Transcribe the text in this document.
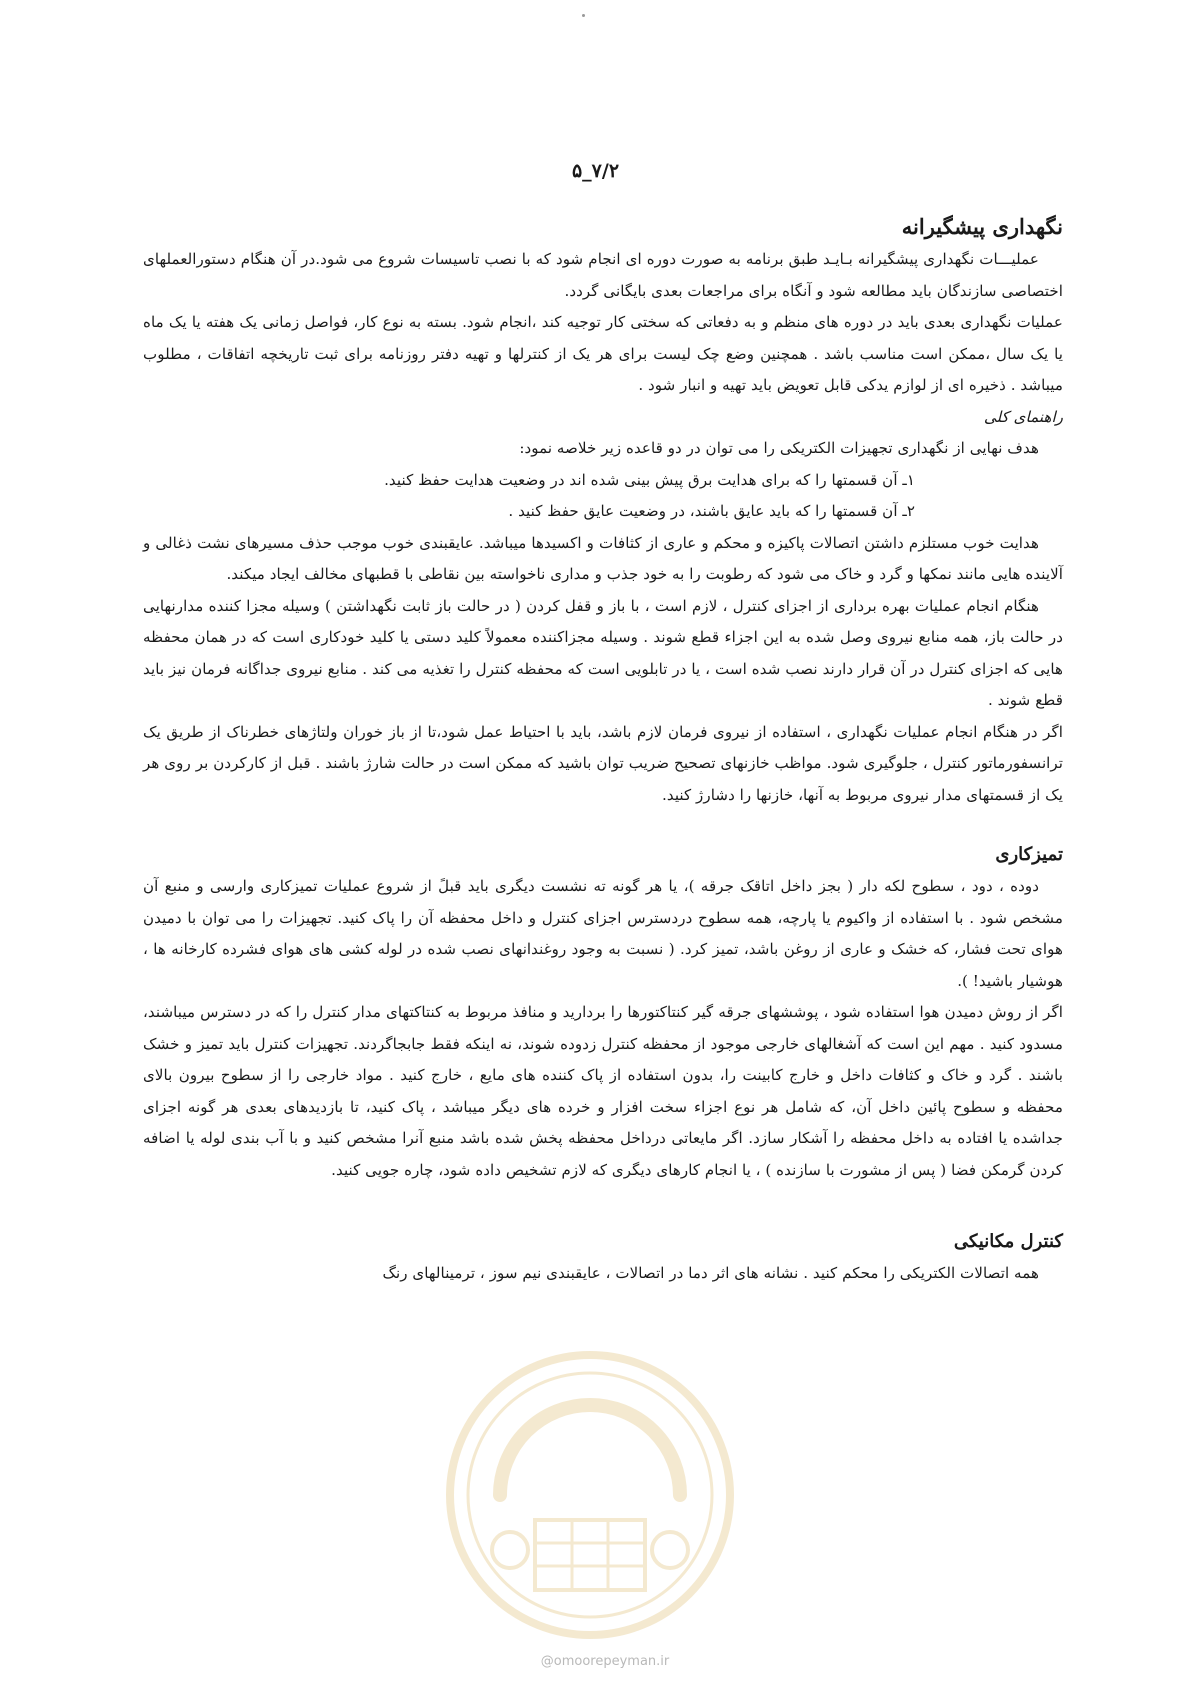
۷/۲_۵

نگهداری پیشگیرانه

عملیـــات نگهداری پیشگیرانه بـایـد طبق برنامه به صورت دوره ای انجام شود که با نصب تاسیسات شروع می شود.در آن هنگام دستورالعملهای اختصاصی سازندگان باید مطالعه شود و آنگاه برای مراجعات بعدی بایگانی گردد.

عملیات نگهداری بعدی باید در دوره های منظم و به دفعاتی که سختی کار توجیه کند ،انجام شود. بسته به نوع کار، فواصل زمانی یک هفته یا یک ماه یا یک سال ،ممکن است مناسب باشد . همچنین وضع چک لیست برای هر یک از کنترلها و تهیه دفتر روزنامه برای ثبت تاریخچه اتفاقات ، مطلوب میباشد . ذخیره ای از لوازم یدکی قابل تعویض باید تهیه و انبار شود .

راهنمای کلی

هدف نهایی از نگهداری تجهیزات الکتریکی را می توان در دو قاعده زیر خلاصه نمود:

۱ـ آن قسمتها را که برای هدایت برق پیش بینی شده اند در وضعیت هدایت حفظ کنید.

۲ـ آن قسمتها را که باید عایق باشند، در وضعیت عایق حفظ کنید .

هدایت خوب مستلزم داشتن اتصالات پاکیزه و محکم و عاری از کثافات و اکسیدها میباشد. عایقبندی خوب موجب حذف مسیرهای نشت ذغالی و آلاینده هایی مانند نمکها و گرد و خاک می شود که رطوبت را به خود جذب و مداری ناخواسته بین نقاطی با قطبهای مخالف ایجاد میکند.

هنگام انجام عملیات بهره برداری از اجزای کنترل ، لازم است ، با باز و قفل کردن ( در حالت باز ثابت نگهداشتن ) وسیله مجزا کننده مدارنهایی در حالت باز، همه منابع نیروی وصل شده به این اجزاء قطع شوند . وسیله مجزاکننده معمولاً کلید دستی یا کلید خودکاری است که در همان محفظه هایی که اجزای کنترل در آن قرار دارند نصب شده است ، یا در تابلویی است که محفظه کنترل را تغذیه می کند . منابع نیروی جداگانه فرمان نیز باید قطع شوند .

اگر در هنگام انجام عملیات نگهداری ، استفاده از نیروی فرمان لازم باشد، باید با احتیاط عمل شود،تا از باز خوران ولتاژهای خطرناک از طریق یک ترانسفورماتور کنترل ، جلوگیری شود. مواظب خازنهای تصحیح ضریب توان باشید که ممکن است در حالت شارژ باشند . قبل از کارکردن بر روی هر یک از قسمتهای مدار نیروی مربوط به آنها، خازنها را دشارژ کنید.

تمیزکاری

دوده ، دود ، سطوح لکه دار ( بجز داخل اتاقک جرقه )، یا هر گونه ته نشست دیگری باید قبلً از شروع عملیات تمیزکاری وارسی و منبع آن مشخص شود . با استفاده از واکیوم یا پارچه، همه سطوح دردسترس اجزای کنترل و داخل محفظه آن را پاک کنید. تجهیزات را می توان با دمیدن هوای تحت فشار، که خشک و عاری از روغن باشد، تمیز کرد. ( نسبت به وجود روغندانهای نصب شده در لوله کشی های هوای فشرده کارخانه ها ، هوشیار باشید! ).

اگر از روش دمیدن هوا استفاده شود ، پوششهای جرقه گیر کنتاکتورها را بردارید و منافذ مربوط به کنتاکتهای مدار کنترل را که در دسترس میباشند، مسدود کنید . مهم این است که آشغالهای خارجی موجود از محفظه کنترل زدوده شوند، نه اینکه فقط جابجاگردند. تجهیزات کنترل باید تمیز و خشک باشند . گرد و خاک و کثافات داخل و خارج کابینت را، بدون استفاده از پاک کننده های مایع ، خارج کنید . مواد خارجی را از سطوح بیرون بالای محفظه و سطوح پائین داخل آن، که شامل هر نوع اجزاء سخت افزار و خرده های دیگر میباشد ، پاک کنید، تا بازدیدهای بعدی هر گونه اجزای جداشده یا افتاده به داخل محفظه را آشکار سازد. اگر مایعاتی درداخل محفظه پخش شده باشد منبع آنرا مشخص کنید و با آب بندی لوله یا اضافه کردن گرمکن فضا ( پس از مشورت با سازنده ) ، یا انجام کارهای دیگری که لازم تشخیص داده شود، چاره جویی کنید.

کنترل مکانیکی

همه اتصالات الکتریکی را محکم کنید . نشانه های اثر دما در اتصالات ، عایقبندی نیم سوز ، ترمینالهای رنگ

@omoorepeyman.ir
